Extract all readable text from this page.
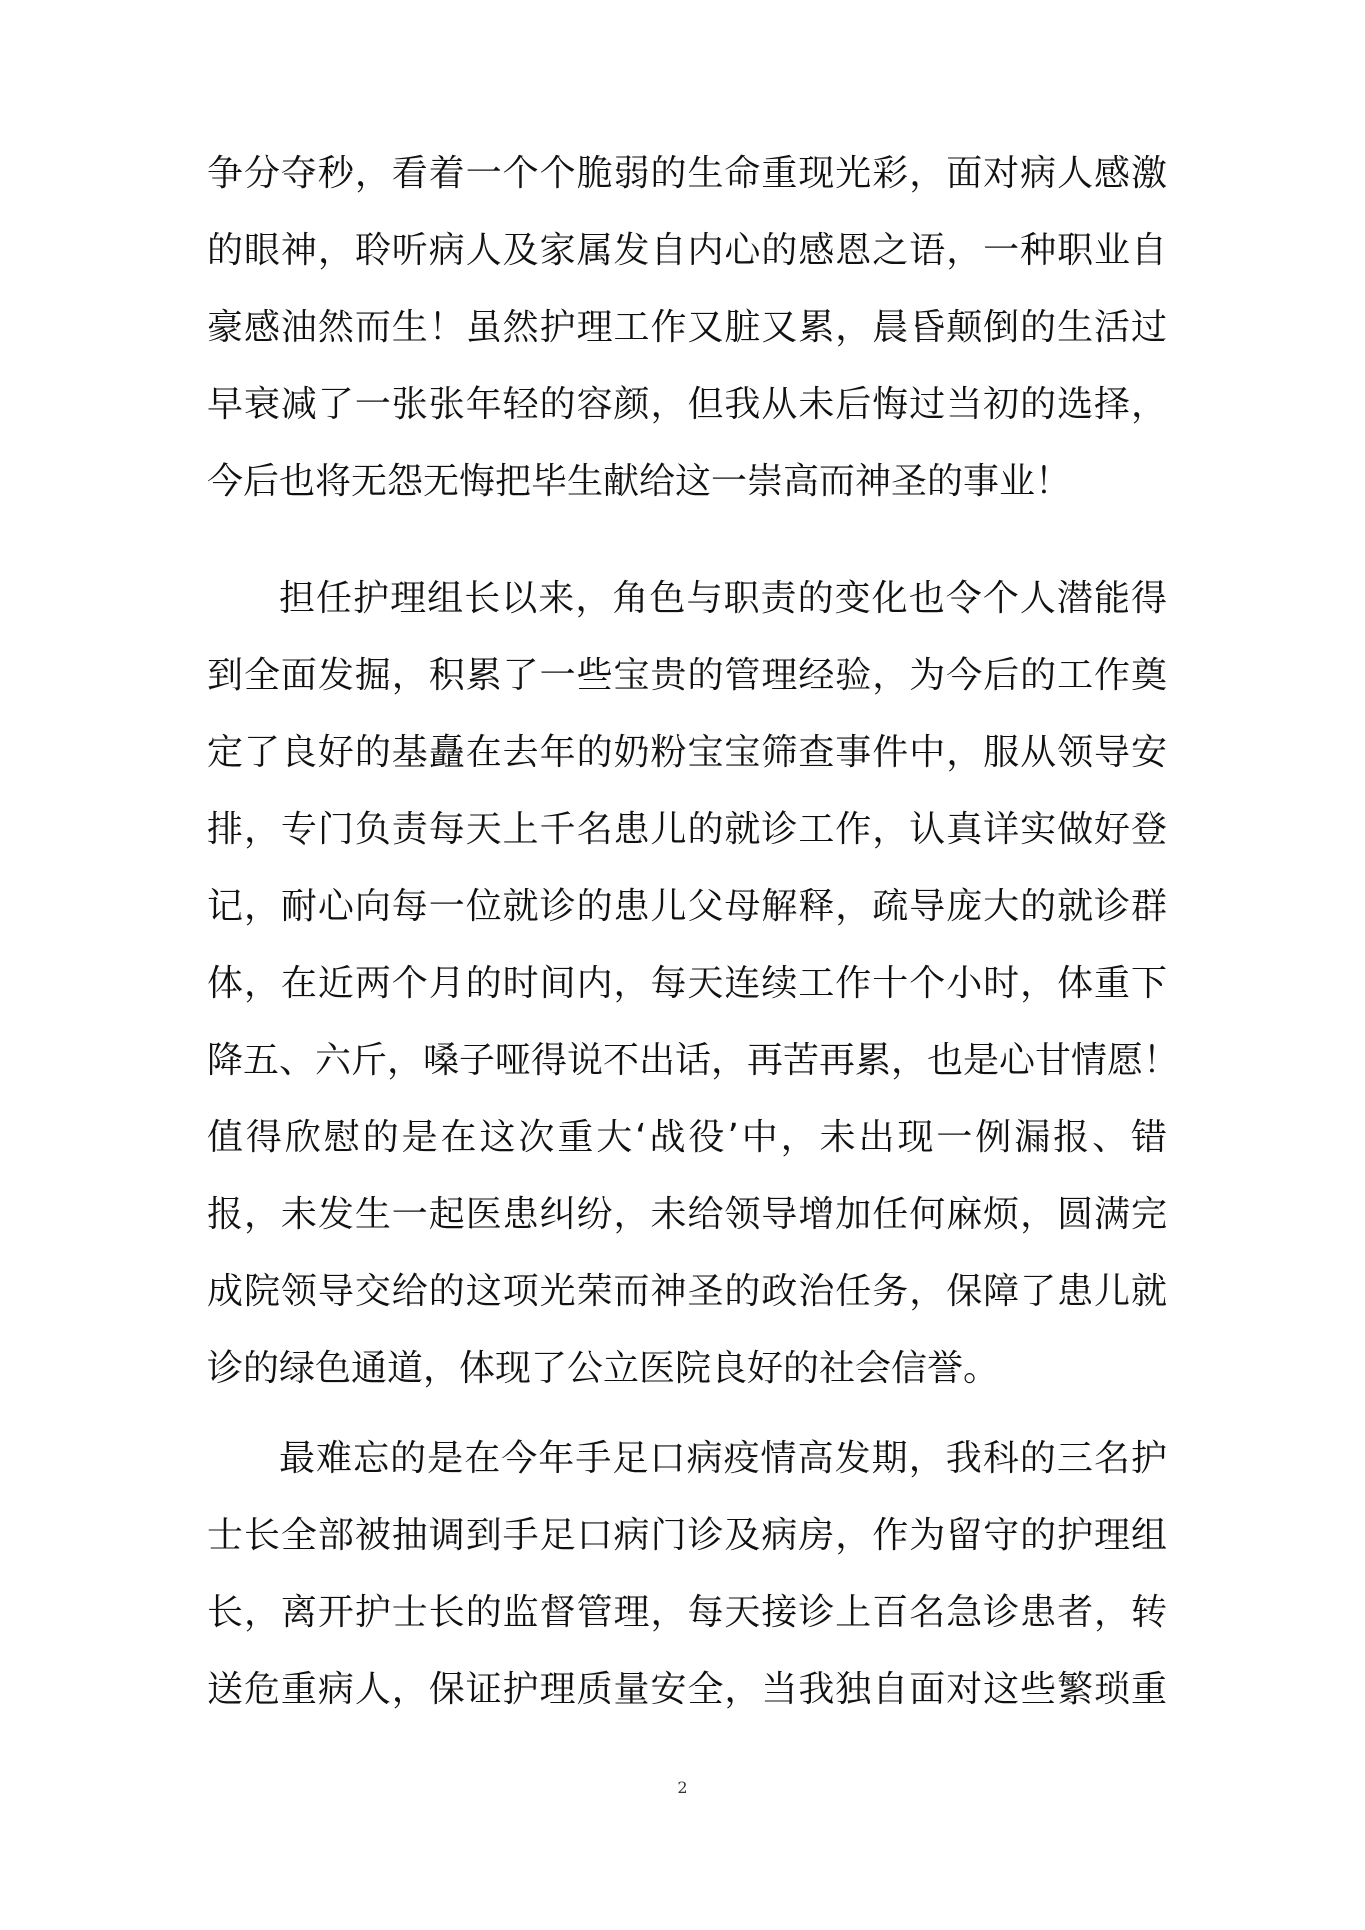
争分夺秒，看着一个个脆弱的生命重现光彩，面对病人感激
的眼神，聆听病人及家属发自内心的感恩之语，一种职业自
豪感油然而生！虽然护理工作又脏又累，晨昏颠倒的生活过
早衰减了一张张年轻的容颜，但我从未后悔过当初的选择，
今后也将无怨无悔把毕生献给这一崇高而神圣的事业！
担任护理组长以来，角色与职责的变化也令个人潜能得
到全面发掘，积累了一些宝贵的管理经验，为今后的工作奠
定了良好的基矗在去年的奶粉宝宝筛查事件中，服从领导安
排，专门负责每天上千名患儿的就诊工作，认真详实做好登
记，耐心向每一位就诊的患儿父母解释，疏导庞大的就诊群
体，在近两个月的时间内，每天连续工作十个小时，体重下
降五、六斤，嗓子哑得说不出话，再苦再累，也是心甘情愿！
值得欣慰的是在这次重大‘战役’中，未出现一例漏报、错
报，未发生一起医患纠纷，未给领导增加任何麻烦，圆满完
成院领导交给的这项光荣而神圣的政治任务，保障了患儿就
诊的绿色通道，体现了公立医院良好的社会信誉。
最难忘的是在今年手足口病疫情高发期，我科的三名护
士长全部被抽调到手足口病门诊及病房，作为留守的护理组
长，离开护士长的监督管理，每天接诊上百名急诊患者，转
送危重病人，保证护理质量安全，当我独自面对这些繁琐重
2
